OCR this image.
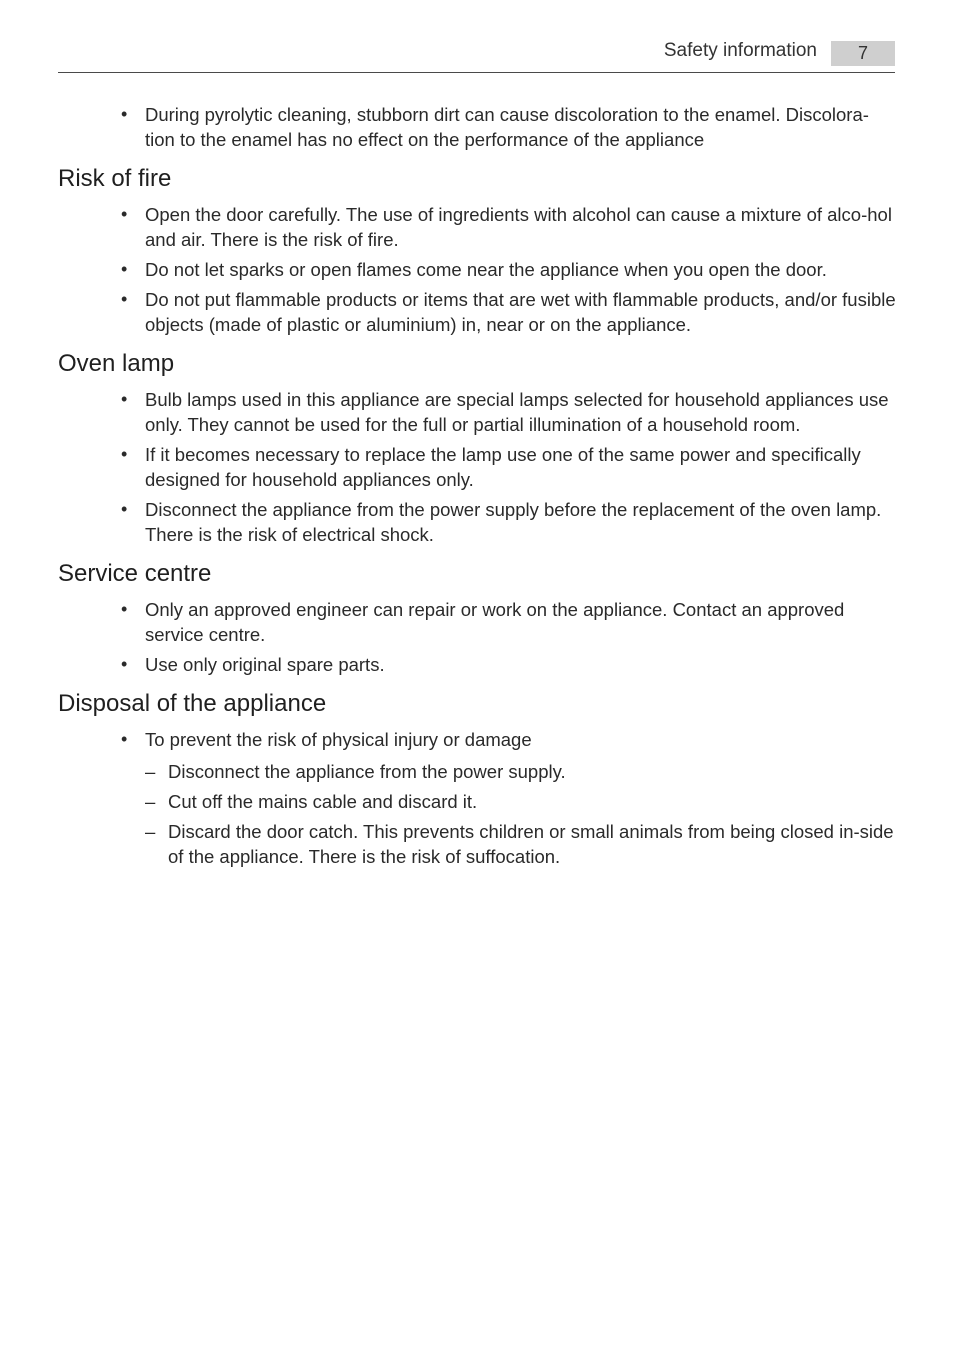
Safety information	7
• During pyrolytic cleaning, stubborn dirt can cause discoloration to the enamel. Discolora-tion to the enamel has no effect on the performance of the appliance
Risk of fire
• Open the door carefully. The use of ingredients with alcohol can cause a mixture of alco-hol and air. There is the risk of fire.
• Do not let sparks or open flames come near the appliance when you open the door.
• Do not put flammable products or items that are wet with flammable products, and/or fusible objects (made of plastic or aluminium) in, near or on the appliance.
Oven lamp
• Bulb lamps used in this appliance are special lamps selected for household appliances use only. They cannot be used for the full or partial illumination of a household room.
• If it becomes necessary to replace the lamp use one of the same power and specifically designed for household appliances only.
• Disconnect the appliance from the power supply before the replacement of the oven lamp. There is the risk of electrical shock.
Service centre
• Only an approved engineer can repair or work on the appliance. Contact an approved service centre.
• Use only original spare parts.
Disposal of the appliance
• To prevent the risk of physical injury or damage
– Disconnect the appliance from the power supply.
– Cut off the mains cable and discard it.
– Discard the door catch. This prevents children or small animals from being closed in-side of the appliance. There is the risk of suffocation.
